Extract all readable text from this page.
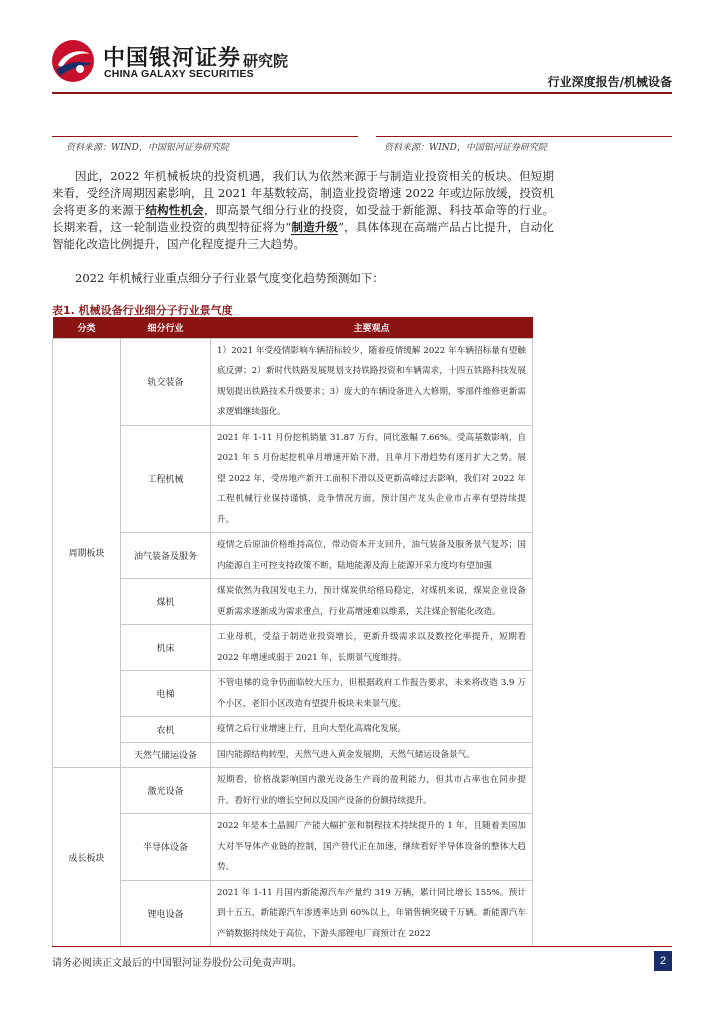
中国银河证券
CHINA GALAXY SECURITIES
研究院
行业深度报告/机械设备
资料来源：WIND，中国银河证券研究院	资料来源：WIND，中国银河证券研究院

因此，2022 年机械板块的投资机遇，我们认为依然来源于与制造业投资相关的板块。但短期来看，受经济周期因素影响，且 2021 年基数较高，制造业投资增速 2022 年或边际放缓，投资机会将更多的来源于结构性机会，即高景气细分行业的投资，如受益于新能源、科技革命等的行业。长期来看，这一轮制造业投资的典型特征将为“制造升级”，具体体现在高端产品占比提升，自动化智能化改造比例提升，国产化程度提升三大趋势。

2022 年机械行业重点细分子行业景气度变化趋势预测如下：

表1. 机械设备行业细分子行业景气度
分类	细分行业	主要观点
周期板块	轨交装备	1）2021 年受疫情影响车辆招标较少，随着疫情缓解 2022 年车辆招标量有望触底反弹；2）新时代铁路发展规划支持铁路投资和车辆需求，十四五铁路科技发展规划提出铁路技术升级要求；3）庞大的车辆设备进入大修期，零部件维修更新需求逻辑继续强化。
	工程机械	2021 年 1-11 月份挖机销量 31.87 万台，同比涨幅 7.66%。受高基数影响，自 2021 年 5 月份起挖机单月增速开始下滑，且单月下滑趋势有逐月扩大之势。展望 2022 年，受房地产新开工面积下滑以及更新高峰过去影响，我们对 2022 年工程机械行业保持谨慎，竞争情况方面，预计国产龙头企业市占率有望持续提升。
	油气装备及服务	疫情之后原油价格维持高位，带动资本开支回升，油气装备及服务景气复苏；国内能源自主可控支持政策不断，陆地能源及海上能源开采力度均有望加强
	煤机	煤炭依然为我国发电主力，预计煤炭供给格局稳定，对煤机来说，煤炭企业设备更新需求逐渐成为需求重点，行业高增速难以维系，关注煤企智能化改造。
	机床	工业母机，受益于制造业投资增长，更新升级需求以及数控化率提升，短期看 2022 年增速或弱于 2021 年，长期景气度维持。
	电梯	不管电梯的竞争仍面临较大压力，但根据政府工作报告要求，未来将改造 3.9 万个小区，老旧小区改造有望提升板块未来景气度。
	农机	疫情之后行业增速上行，且向大型化高端化发展。
	天然气储运设备	国内能源结构转型，天然气进入黄金发展期，天然气储运设备景气。
成长板块	激光设备	短期看，价格战影响国内激光设备生产商的盈利能力，但其市占率也在同步提升。看好行业的增长空间以及国产设备的份额持续提升。
	半导体设备	2022 年是本土晶圆厂产能大幅扩张和制程技术持续提升的 1 年，且随着美国加大对半导体产业链的控制，国产替代正在加速，继续看好半导体设备的整体大趋势。
	锂电设备	2021 年 1-11 月国内新能源汽车产量约 319 万辆，累计同比增长 155%。预计到十五五，新能源汽车渗透率达到 60%以上，年销售辆突破千万辆。新能源汽车产销数据持续处于高位，下游头部锂电厂商预计在 2022
请务必阅读正文最后的中国银河证券股份公司免责声明。	2
